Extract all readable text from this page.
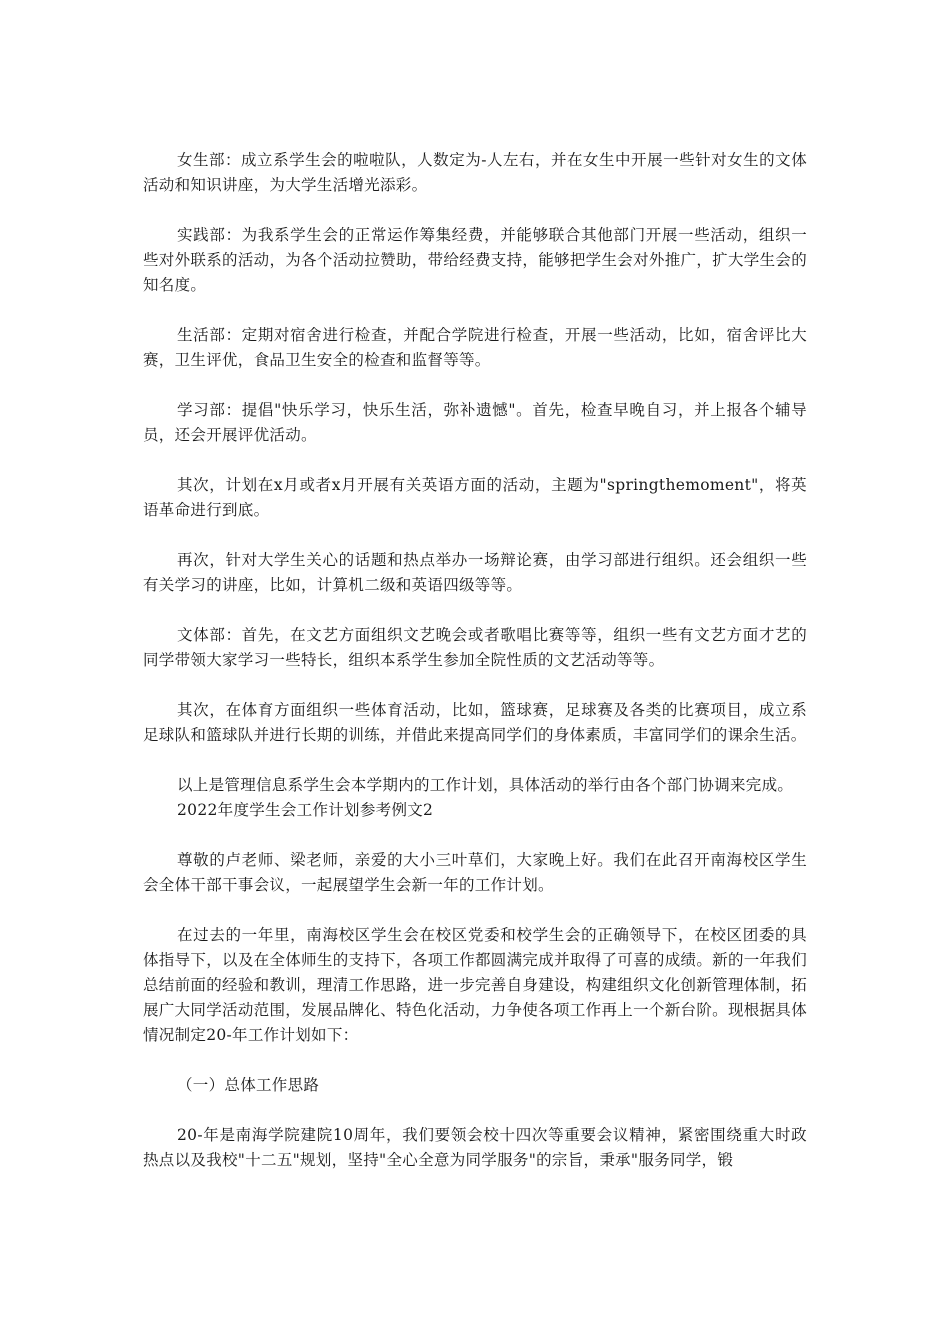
女生部：成立系学生会的啦啦队，人数定为-人左右，并在女生中开展一些针对女生的文体活动和知识讲座，为大学生活增光添彩。

实践部：为我系学生会的正常运作筹集经费，并能够联合其他部门开展一些活动，组织一些对外联系的活动，为各个活动拉赞助，带给经费支持，能够把学生会对外推广，扩大学生会的知名度。

生活部：定期对宿舍进行检查，并配合学院进行检查，开展一些活动，比如，宿舍评比大赛，卫生评优，食品卫生安全的检查和监督等等。

学习部：提倡"快乐学习，快乐生活，弥补遗憾"。首先，检查早晚自习，并上报各个辅导员，还会开展评优活动。

其次，计划在x月或者x月开展有关英语方面的活动，主题为"springthemoment"，将英语革命进行到底。

再次，针对大学生关心的话题和热点举办一场辩论赛，由学习部进行组织。还会组织一些有关学习的讲座，比如，计算机二级和英语四级等等。

文体部：首先，在文艺方面组织文艺晚会或者歌唱比赛等等，组织一些有文艺方面才艺的同学带领大家学习一些特长，组织本系学生参加全院性质的文艺活动等等。

其次，在体育方面组织一些体育活动，比如，篮球赛，足球赛及各类的比赛项目，成立系足球队和篮球队并进行长期的训练，并借此来提高同学们的身体素质，丰富同学们的课余生活。

以上是管理信息系学生会本学期内的工作计划，具体活动的举行由各个部门协调来完成。

2022年度学生会工作计划参考例文2

尊敬的卢老师、梁老师，亲爱的大小三叶草们，大家晚上好。我们在此召开南海校区学生会全体干部干事会议，一起展望学生会新一年的工作计划。

在过去的一年里，南海校区学生会在校区党委和校学生会的正确领导下，在校区团委的具体指导下，以及在全体师生的支持下，各项工作都圆满完成并取得了可喜的成绩。新的一年我们总结前面的经验和教训，理清工作思路，进一步完善自身建设，构建组织文化创新管理体制，拓展广大同学活动范围，发展品牌化、特色化活动，力争使各项工作再上一个新台阶。现根据具体情况制定20-年工作计划如下：

（一）总体工作思路

20-年是南海学院建院10周年，我们要领会校十四次等重要会议精神，紧密围绕重大时政热点以及我校"十二五"规划，坚持"全心全意为同学服务"的宗旨，秉承"服务同学，锻
